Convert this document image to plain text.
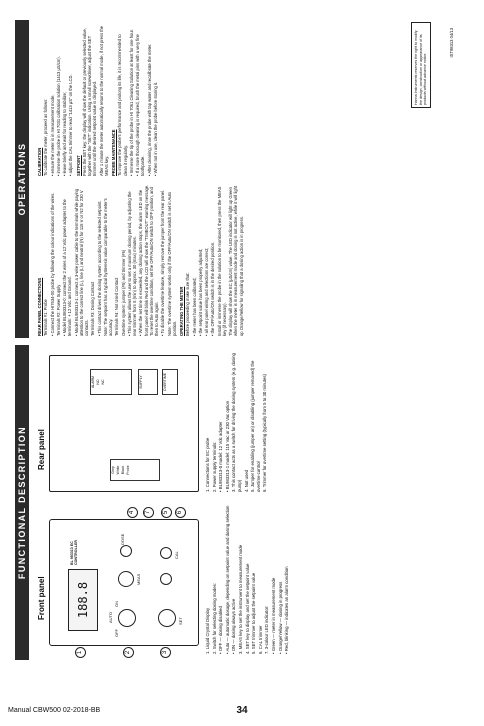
FUNCTIONAL DESCRIPTION
Front panel
Rear panel
188.8
BL 983313 EC CONTROLLER
OFF
AUTO
ON
MEAS
SET
CAL
DOSE
1	2	3
4	5	6
7
Grey White Black Probe
ALARM NO NC	SUPPLY	OVERTIME
1. Liquid Crystal Display 2. Switch for selecting dosing modes: • OFF — dosing disabled • Auto — automatic dosage, depending on setpoint value and dosing selection • ON — dosing always active 3. MEAS key to set the instrument to measurement mode 4. SET key to display and set the setpoint value 5. SET trimmer to adjust the setpoint value 6. CAL trimmer 7. 3-colour LED indicator: • Green — meter in measurement mode • Orange/Yellow — dosing in progress • Red, blinking — indicates an alarm condition
1. Connections for EC probe 2. Power supply terminals: • BL983313-0 model: 12 Vdc adapter • BL983313-1 model: 115 Vac or 230 Vac option 3. This contact acts as a switch for driving the dosing system (e.g. dosing pump) 4. Not used 5. Jumper for enabling (jumper on) or disabling (jumper removed) the overtime control 6. Trimmer for overtime setting (typically from 5 to 30 minutes)
OPERATIONS

REAR PANEL CONNECTIONS Terminals #1: Probe • Connect the HI7634-00 probe by following the colour indications of the wires. Terminals #2: Power Supply • Model BL983313-0: connect the 2 wires of a 12 Vdc power adapter to the terminals: + 12 Vdc and Ground. • Model BL983313-1: connect a 3-wire power cable to the terminals while paying attention to the correct line (L), line (L) and neutral (N) for 115 V or N2 for 230 V contacts. Terminals #3: Dosing Contact • This contact drives the dosing system according to the selected setpoint. Note: The setpoint has a typical hysteresis value comparable to the meter's accuracy. Terminals #4: Not Used Contact Overtime system: jumper (#5) and trimmer (#6) • This system allows the user to set a maximum dosing period, by adjusting the rear trimmer from 5 (min) to approx. 30 (max) minutes. • When the set time is exceeded, any dosing action stops, the alarm LED on the front panel will blink Red and the LCD will show the "TIMEOUT" warning message. To reset the overtime condition, set the OFF/Auto/ON switch to OFF position, and then to Auto again. • To disable the overtime feature, simply remove the jumper from the rear panel. Note: The overtime system works only if the OFF/Auto/ON switch is set in Auto position. OPERATING THE METER Before proceeding make sure that: • the meter has been calibrated; • the setpoint value has been properly adjusted; • all rear panel wiring and selections are correct; • the OFF/Auto/ON switch is in the desired position. Install or immerse the probe in the solution to be monitored, then press the MEAS key (if necessary). The display will show the EC (µS/cm) value. The LED indicator will light up Green when the meter is in measurement mode and dosing is not active, while it will light up Orange/Yellow for signaling that a dosing action is in progress.

CALIBRATION To calibrate the meter, proceed as follows: • ensure the meter is in measurement mode. • immerse the probe in HI 7031 calibration solution (1413 µS/cm). • leave briefly and wait for reading to stabilize; • adjust the CAL trimmer to read "1413 µS" on the LCD. SETPOINT Press the SET key: the display will show the default or previously selected value, together with the "SET" indication. Using a small screwdriver, adjust the SET trimmer until the desired setpoint value is displayed. After 1 minute the meter automatically returns to the normal mode, if not press the MEAS key. PROBE MAINTENANCE To improve the probe's performance and prolong its life, it is recommended to clean it regularly. • Immerse the tip of the probe in HI 7061 Cleaning Solution at least for one hour. • If a more thorough cleaning is required, brush the metal pins with a very fine toothpaste. • After cleaning, rinse the probe with tap water and recalibrate the meter. • When not in use, clean the probe before storing it.

Hanna Instruments reserves the right to modify the design, construction or appearance of its products without advance notice.
IST98313 04/13
Manual CBW500 02-2018-BB	34
